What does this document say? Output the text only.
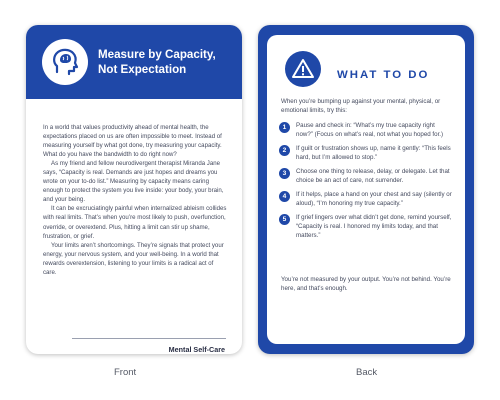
Measure by Capacity,
Not Expectation

In a world that values productivity ahead of mental health, the expectations placed on us are often impossible to meet. Instead of measuring yourself by what got done, try measuring your capacity. What do you have the bandwidth to do right now?

As my friend and fellow neurodivergent therapist Miranda Jane says, “Capacity is real. Demands are just hopes and dreams you wrote on your to-do list.” Measuring by capacity means caring enough to protect the system you live inside: your body, your brain, and your being.

It can be excruciatingly painful when internalized ableism collides with real limits. That’s when you’re most likely to push, overfunction, override, or overextend. Plus, hitting a limit can stir up shame, frustration, or grief.

Your limits aren’t shortcomings. They’re signals that protect your energy, your nervous system, and your well-being. In a world that rewards overextension, listening to your limits is a radical act of care.

Mental Self-Care
WHAT TO DO
When you’re bumping up against your mental, physical, or emotional limits, try this:
1	Pause and check in: “What’s my true capacity right now?” (Focus on what’s real, not what you hoped for.)
2	If guilt or frustration shows up, name it gently: “This feels hard, but I’m allowed to stop.”
3	Choose one thing to release, delay, or delegate. Let that choice be an act of care, not surrender.
4	If it helps, place a hand on your chest and say (silently or aloud), “I’m honoring my true capacity.”
5	If grief lingers over what didn’t get done, remind yourself, “Capacity is real. I honored my limits today, and that matters.”
You’re not measured by your output. You’re not behind. You’re here, and that’s enough.
Front	Back
